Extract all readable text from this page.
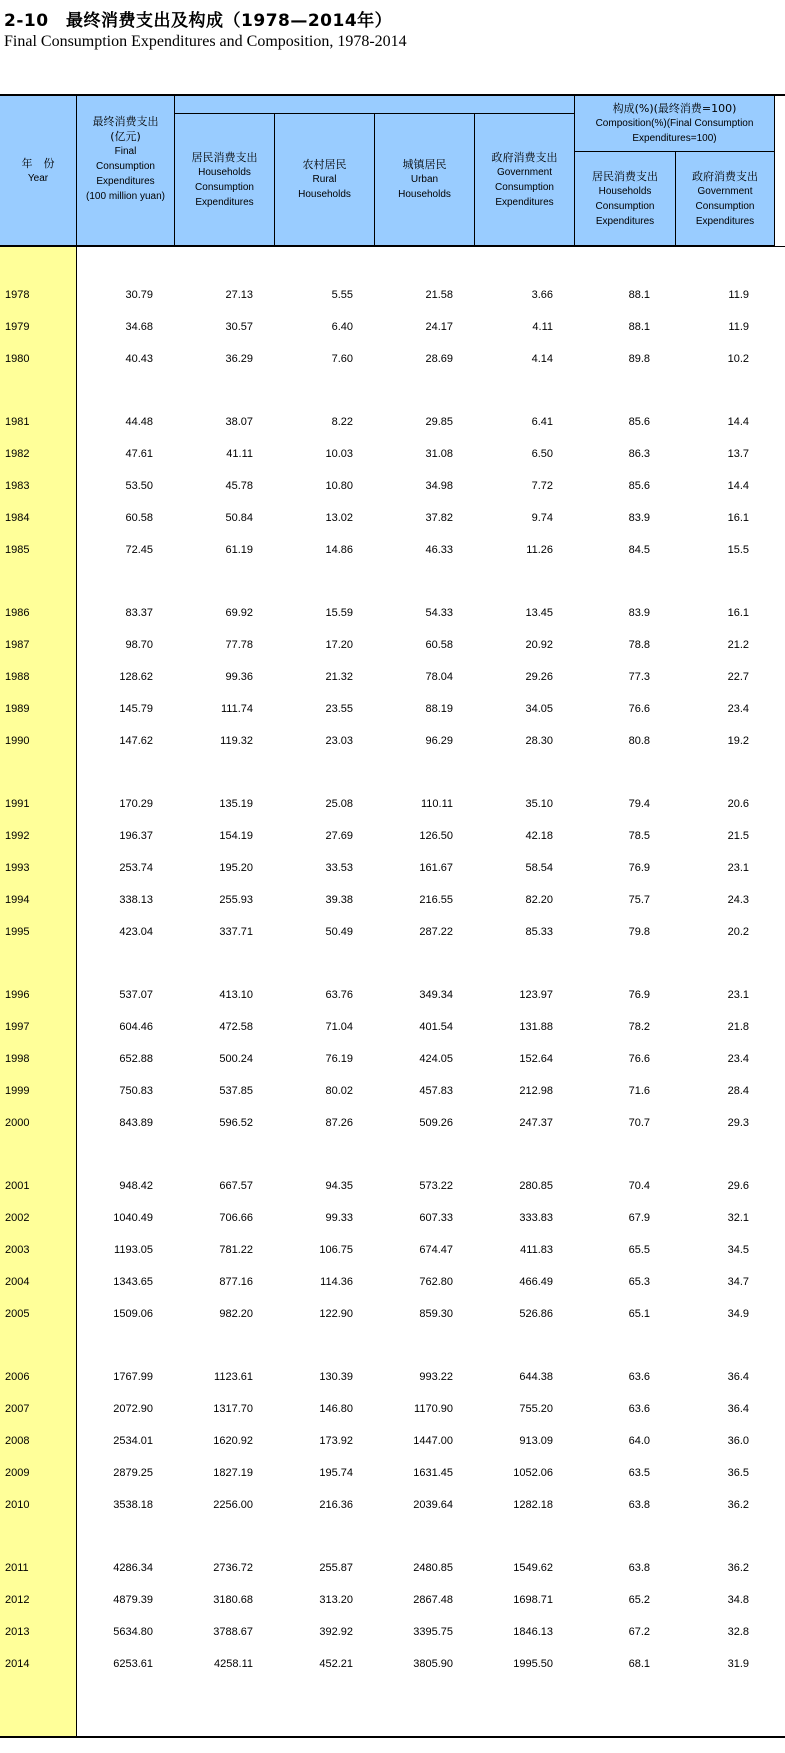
2-10　最终消费支出及构成（1978—2014年）
Final Consumption Expenditures and Composition, 1978-2014
年　份
Year
最终消费支出
(亿元)
Final Consumption Expenditures (100 million yuan)
居民消费支出
Households Consumption Expenditures
农村居民
Rural Households
城镇居民
Urban Households
政府消费支出
Government Consumption Expenditures
构成(%)(最终消费=100)
Composition(%)(Final Consumption Expenditures=100)
居民消费支出
Households Consumption Expenditures
政府消费支出
Government Consumption Expenditures
1978	30.79	27.13	5.55	21.58	3.66	88.1	11.9
1979	34.68	30.57	6.40	24.17	4.11	88.1	11.9
1980	40.43	36.29	7.60	28.69	4.14	89.8	10.2
1981	44.48	38.07	8.22	29.85	6.41	85.6	14.4
1982	47.61	41.11	10.03	31.08	6.50	86.3	13.7
1983	53.50	45.78	10.80	34.98	7.72	85.6	14.4
1984	60.58	50.84	13.02	37.82	9.74	83.9	16.1
1985	72.45	61.19	14.86	46.33	11.26	84.5	15.5
1986	83.37	69.92	15.59	54.33	13.45	83.9	16.1
1987	98.70	77.78	17.20	60.58	20.92	78.8	21.2
1988	128.62	99.36	21.32	78.04	29.26	77.3	22.7
1989	145.79	111.74	23.55	88.19	34.05	76.6	23.4
1990	147.62	119.32	23.03	96.29	28.30	80.8	19.2
1991	170.29	135.19	25.08	110.11	35.10	79.4	20.6
1992	196.37	154.19	27.69	126.50	42.18	78.5	21.5
1993	253.74	195.20	33.53	161.67	58.54	76.9	23.1
1994	338.13	255.93	39.38	216.55	82.20	75.7	24.3
1995	423.04	337.71	50.49	287.22	85.33	79.8	20.2
1996	537.07	413.10	63.76	349.34	123.97	76.9	23.1
1997	604.46	472.58	71.04	401.54	131.88	78.2	21.8
1998	652.88	500.24	76.19	424.05	152.64	76.6	23.4
1999	750.83	537.85	80.02	457.83	212.98	71.6	28.4
2000	843.89	596.52	87.26	509.26	247.37	70.7	29.3
2001	948.42	667.57	94.35	573.22	280.85	70.4	29.6
2002	1040.49	706.66	99.33	607.33	333.83	67.9	32.1
2003	1193.05	781.22	106.75	674.47	411.83	65.5	34.5
2004	1343.65	877.16	114.36	762.80	466.49	65.3	34.7
2005	1509.06	982.20	122.90	859.30	526.86	65.1	34.9
2006	1767.99	1123.61	130.39	993.22	644.38	63.6	36.4
2007	2072.90	1317.70	146.80	1170.90	755.20	63.6	36.4
2008	2534.01	1620.92	173.92	1447.00	913.09	64.0	36.0
2009	2879.25	1827.19	195.74	1631.45	1052.06	63.5	36.5
2010	3538.18	2256.00	216.36	2039.64	1282.18	63.8	36.2
2011	4286.34	2736.72	255.87	2480.85	1549.62	63.8	36.2
2012	4879.39	3180.68	313.20	2867.48	1698.71	65.2	34.8
2013	5634.80	3788.67	392.92	3395.75	1846.13	67.2	32.8
2014	6253.61	4258.11	452.21	3805.90	1995.50	68.1	31.9
